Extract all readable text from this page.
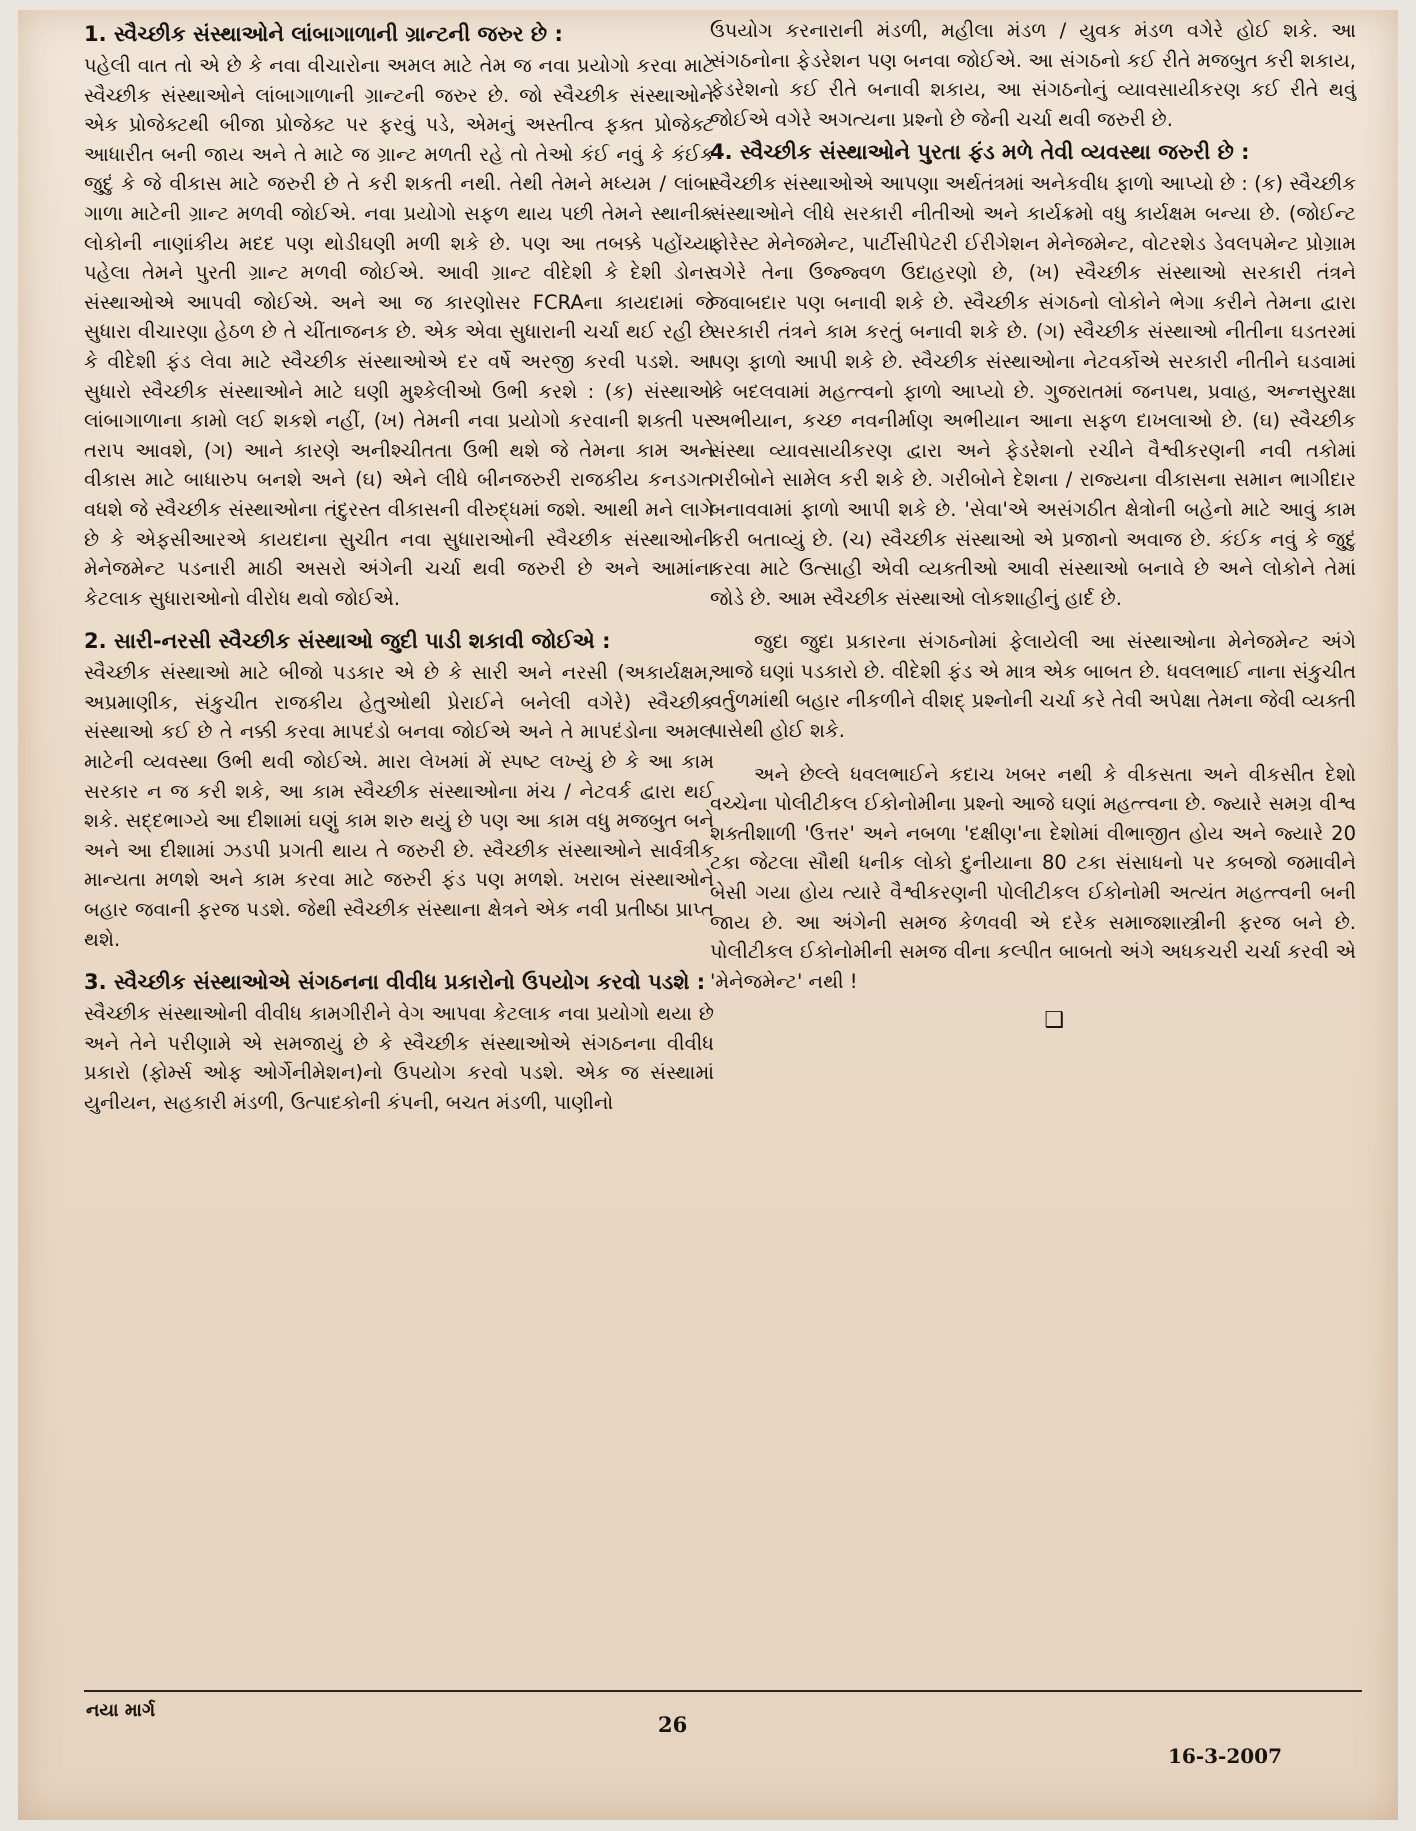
1. સ્વૈચ્છીક સંસ્થાઓને લાંબાગાળાની ગ્રાન્ટની જરુર છે :

પહેલી વાત તો એ છે કે નવા વીચારોના અમલ માટે તેમ જ નવા પ્રયોગો કરવા માટે સ્વૈચ્છીક સંસ્થાઓને લાંબાગાળાની ગ્રાન્ટની જરુર છે. જો સ્વૈચ્છીક સંસ્થાઓને એક પ્રોજેક્ટથી બીજા પ્રોજેક્ટ પર ફરવું પડે, એમનું અસ્તીત્વ ફક્ત પ્રોજેક્ટ આધારીત બની જાય અને તે માટે જ ગ્રાન્ટ મળતી રહે તો તેઓ કંઈ નવું કે કંઈક જુદું કે જે વીકાસ માટે જરુરી છે તે કરી શકતી નથી. તેથી તેમને મધ્યમ / લાંબા ગાળા માટેની ગ્રાન્ટ મળવી જોઈએ. નવા પ્રયોગો સફળ થાય પછી તેમને સ્થાનીક લોકોની નાણાંકીય મદદ પણ થોડીઘણી મળી શકે છે. પણ આ તબક્કે પહોંચ્યા પહેલા તેમને પુરતી ગ્રાન્ટ મળવી જોઈએ. આવી ગ્રાન્ટ વીદેશી કે દેશી ડોનર સંસ્થાઓએ આપવી જોઈએ. અને આ જ કારણોસર FCRAના કાયદામાં જે સુધારા વીચારણા હેઠળ છે તે ચીંતાજનક છે. એક એવા સુધારાની ચર્ચા થઈ રહી છે કે વીદેશી ફંડ લેવા માટે સ્વૈચ્છીક સંસ્થાઓએ દર વર્ષે અરજી કરવી પડશે. આ સુધારો સ્વૈચ્છીક સંસ્થાઓને માટે ઘણી મુશ્કેલીઓ ઉભી કરશે : (ક) સંસ્થાઓ લાંબાગાળાના કામો લઈ શકશે નહીં, (ખ) તેમની નવા પ્રયોગો કરવાની શક્તી પર તરાપ આવશે, (ગ) આને કારણે અનીશ્ચીતતા ઉભી થશે જે તેમના કામ અને વીકાસ માટે બાધારુપ બનશે અને (ઘ) એને લીધે બીનજરુરી રાજકીય કનડગત વધશે જે સ્વૈચ્છીક સંસ્થાઓના તંદુરસ્ત વીકાસની વીરુદ્ધમાં જશે. આથી મને લાગે છે કે એફસીઆરએ કાયદાના સુચીત નવા સુધારાઓની સ્વૈચ્છીક સંસ્થાઓની મેનેજમેન્ટ પડનારી માઠી અસરો અંગેની ચર્ચા થવી જરુરી છે અને આમાંના કેટલાક સુધારાઓનો વીરોધ થવો જોઈએ.

2. સારી-નરસી સ્વૈચ્છીક સંસ્થાઓ જુદી પાડી શકાવી જોઈએ :

સ્વૈચ્છીક સંસ્થાઓ માટે બીજો પડકાર એ છે કે સારી અને નરસી (અકાર્યક્ષમ, અપ્રમાણીક, સંકુચીત રાજકીય હેતુઓથી પ્રેરાઈને બનેલી વગેરે) સ્વૈચ્છીક સંસ્થાઓ કઈ છે તે નક્કી કરવા માપદંડો બનવા જોઈએ અને તે માપદંડોના અમલ માટેની વ્યવસ્થા ઉભી થવી જોઈએ. મારા લેખમાં મેં સ્પષ્ટ લખ્યું છે કે આ કામ સરકાર ન જ કરી શકે, આ કામ સ્વૈચ્છીક સંસ્થાઓના મંચ / નેટવર્ક દ્વારા થઈ શકે. સદ્દભાગ્યે આ દીશામાં ઘણું કામ શરુ થયું છે પણ આ કામ વધુ મજબુત બને અને આ દીશામાં ઝડપી પ્રગતી થાય તે જરુરી છે. સ્વૈચ્છીક સંસ્થાઓને સાર્વત્રીક માન્યતા મળશે અને કામ કરવા માટે જરુરી ફંડ પણ મળશે. ખરાબ સંસ્થાઓને બહાર જવાની ફરજ પડશે. જેથી સ્વૈચ્છીક સંસ્થાના ક્ષેત્રને એક નવી પ્રતીષ્ઠા પ્રાપ્ત થશે.

3. સ્વૈચ્છીક સંસ્થાઓએ સંગઠનના વીવીધ પ્રકારોનો ઉપયોગ કરવો પડશે :

સ્વૈચ્છીક સંસ્થાઓની વીવીધ કામગીરીને વેગ આપવા કેટલાક નવા પ્રયોગો થયા છે અને તેને પરીણામે એ સમજાયું છે કે સ્વૈચ્છીક સંસ્થાઓએ સંગઠનના વીવીધ પ્રકારો (ફોર્મ્સ ઓફ ઓર્ગેનીમેશન)નો ઉપયોગ કરવો પડશે. એક જ સંસ્થામાં યુનીયન, સહકારી મંડળી, ઉત્પાદકોની કંપની, બચત મંડળી, પાણીનો

ઉપયોગ કરનારાની મંડળી, મહીલા મંડળ / યુવક મંડળ વગેરે હોઈ શકે. આ સંગઠનોના ફેડરેશન પણ બનવા જોઈએ. આ સંગઠનો કઈ રીતે મજબુત કરી શકાય, ફેડરેશનો કઈ રીતે બનાવી શકાય, આ સંગઠનોનું વ્યાવસાયીકરણ કઈ રીતે થવું જોઈએ વગેરે અગત્યના પ્રશ્નો છે જેની ચર્ચા થવી જરુરી છે.

4. સ્વૈચ્છીક સંસ્થાઓને પુરતા ફંડ મળે તેવી વ્યવસ્થા જરુરી છે :

સ્વૈચ્છીક સંસ્થાઓએ આપણા અર્થતંત્રમાં અનેકવીધ ફાળો આપ્યો છે : (ક) સ્વૈચ્છીક સંસ્થાઓને લીધે સરકારી નીતીઓ અને કાર્યક્રમો વધુ કાર્યક્ષમ બન્યા છે. (જોઈન્ટ ફોરેસ્ટ મેનેજમેન્ટ, પાર્ટીસીપેટરી ઈરીગેશન મેનેજમેન્ટ, વોટરશેડ ડેવલપમેન્ટ પ્રોગ્રામ વગેરે તેના ઉજ્જ્વળ ઉદાહરણો છે, (ખ) સ્વૈચ્છીક સંસ્થાઓ સરકારી તંત્રને જવાબદાર પણ બનાવી શકે છે. સ્વૈચ્છીક સંગઠનો લોકોને ભેગા કરીને તેમના દ્વારા સરકારી તંત્રને કામ કરતું બનાવી શકે છે. (ગ) સ્વૈચ્છીક સંસ્થાઓ નીતીના ઘડતરમાં પણ ફાળો આપી શકે છે. સ્વૈચ્છીક સંસ્થાઓના નેટવર્કોએ સરકારી નીતીને ઘડવામાં કે બદલવામાં મહત્ત્વનો ફાળો આપ્યો છે. ગુજરાતમાં જનપથ, પ્રવાહ, અન્નસુરક્ષા અભીયાન, કચ્છ નવનીર્માણ અભીયાન આના સફળ દાખલાઓ છે. (ઘ) સ્વૈચ્છીક સંસ્થા વ્યાવસાયીકરણ દ્વારા અને ફેડરેશનો રચીને વૈશ્વીકરણની નવી તકોમાં ગરીબોને સામેલ કરી શકે છે. ગરીબોને દેશના / રાજ્યના વીકાસના સમાન ભાગીદાર બનાવવામાં ફાળો આપી શકે છે. 'સેવા'એ અસંગઠીત ક્ષેત્રોની બહેનો માટે આવું કામ કરી બતાવ્યું છે. (ચ) સ્વૈચ્છીક સંસ્થાઓ એ પ્રજાનો અવાજ છે. કંઈક નવું કે જુદું કરવા માટે ઉત્સાહી એવી વ્યક્તીઓ આવી સંસ્થાઓ બનાવે છે અને લોકોને તેમાં જોડે છે. આમ સ્વૈચ્છીક સંસ્થાઓ લોકશાહીનું હાર્દ છે.

જુદા જુદા પ્રકારના સંગઠનોમાં ફેલાયેલી આ સંસ્થાઓના મેનેજમેન્ટ અંગે આજે ઘણાં પડકારો છે. વીદેશી ફંડ એ માત્ર એક બાબત છે. ધવલભાઈ નાના સંકુચીત વર્તુળમાંથી બહાર નીકળીને વીશદ્ પ્રશ્નોની ચર્ચા કરે તેવી અપેક્ષા તેમના જેવી વ્યક્તી પાસેથી હોઈ શકે.

અને છેલ્લે ધવલભાઈને કદાચ ખબર નથી કે વીકસતા અને વીકસીત દેશો વચ્ચેના પોલીટીકલ ઈકોનોમીના પ્રશ્નો આજે ઘણાં મહત્ત્વના છે. જ્યારે સમગ્ર વીશ્વ શક્તીશાળી 'ઉત્તર' અને નબળા 'દક્ષીણ'ના દેશોમાં વીભાજીત હોય અને જ્યારે 20 ટકા જેટલા સૌથી ધનીક લોકો દુનીયાના 80 ટકા સંસાધનો પર કબજો જમાવીને બેસી ગયા હોય ત્યારે વૈશ્વીકરણની પોલીટીકલ ઈકોનોમી અત્યંત મહત્ત્વની બની જાય છે. આ અંગેની સમજ કેળવવી એ દરેક સમાજશાસ્ત્રીની ફરજ બને છે. પોલીટીકલ ઈકોનોમીની સમજ વીના કલ્પીત બાબતો અંગે અધકચરી ચર્ચા કરવી એ 'મેનેજમેન્ટ' નથી !

❑
નયા માર્ગ
26
16-3-2007
